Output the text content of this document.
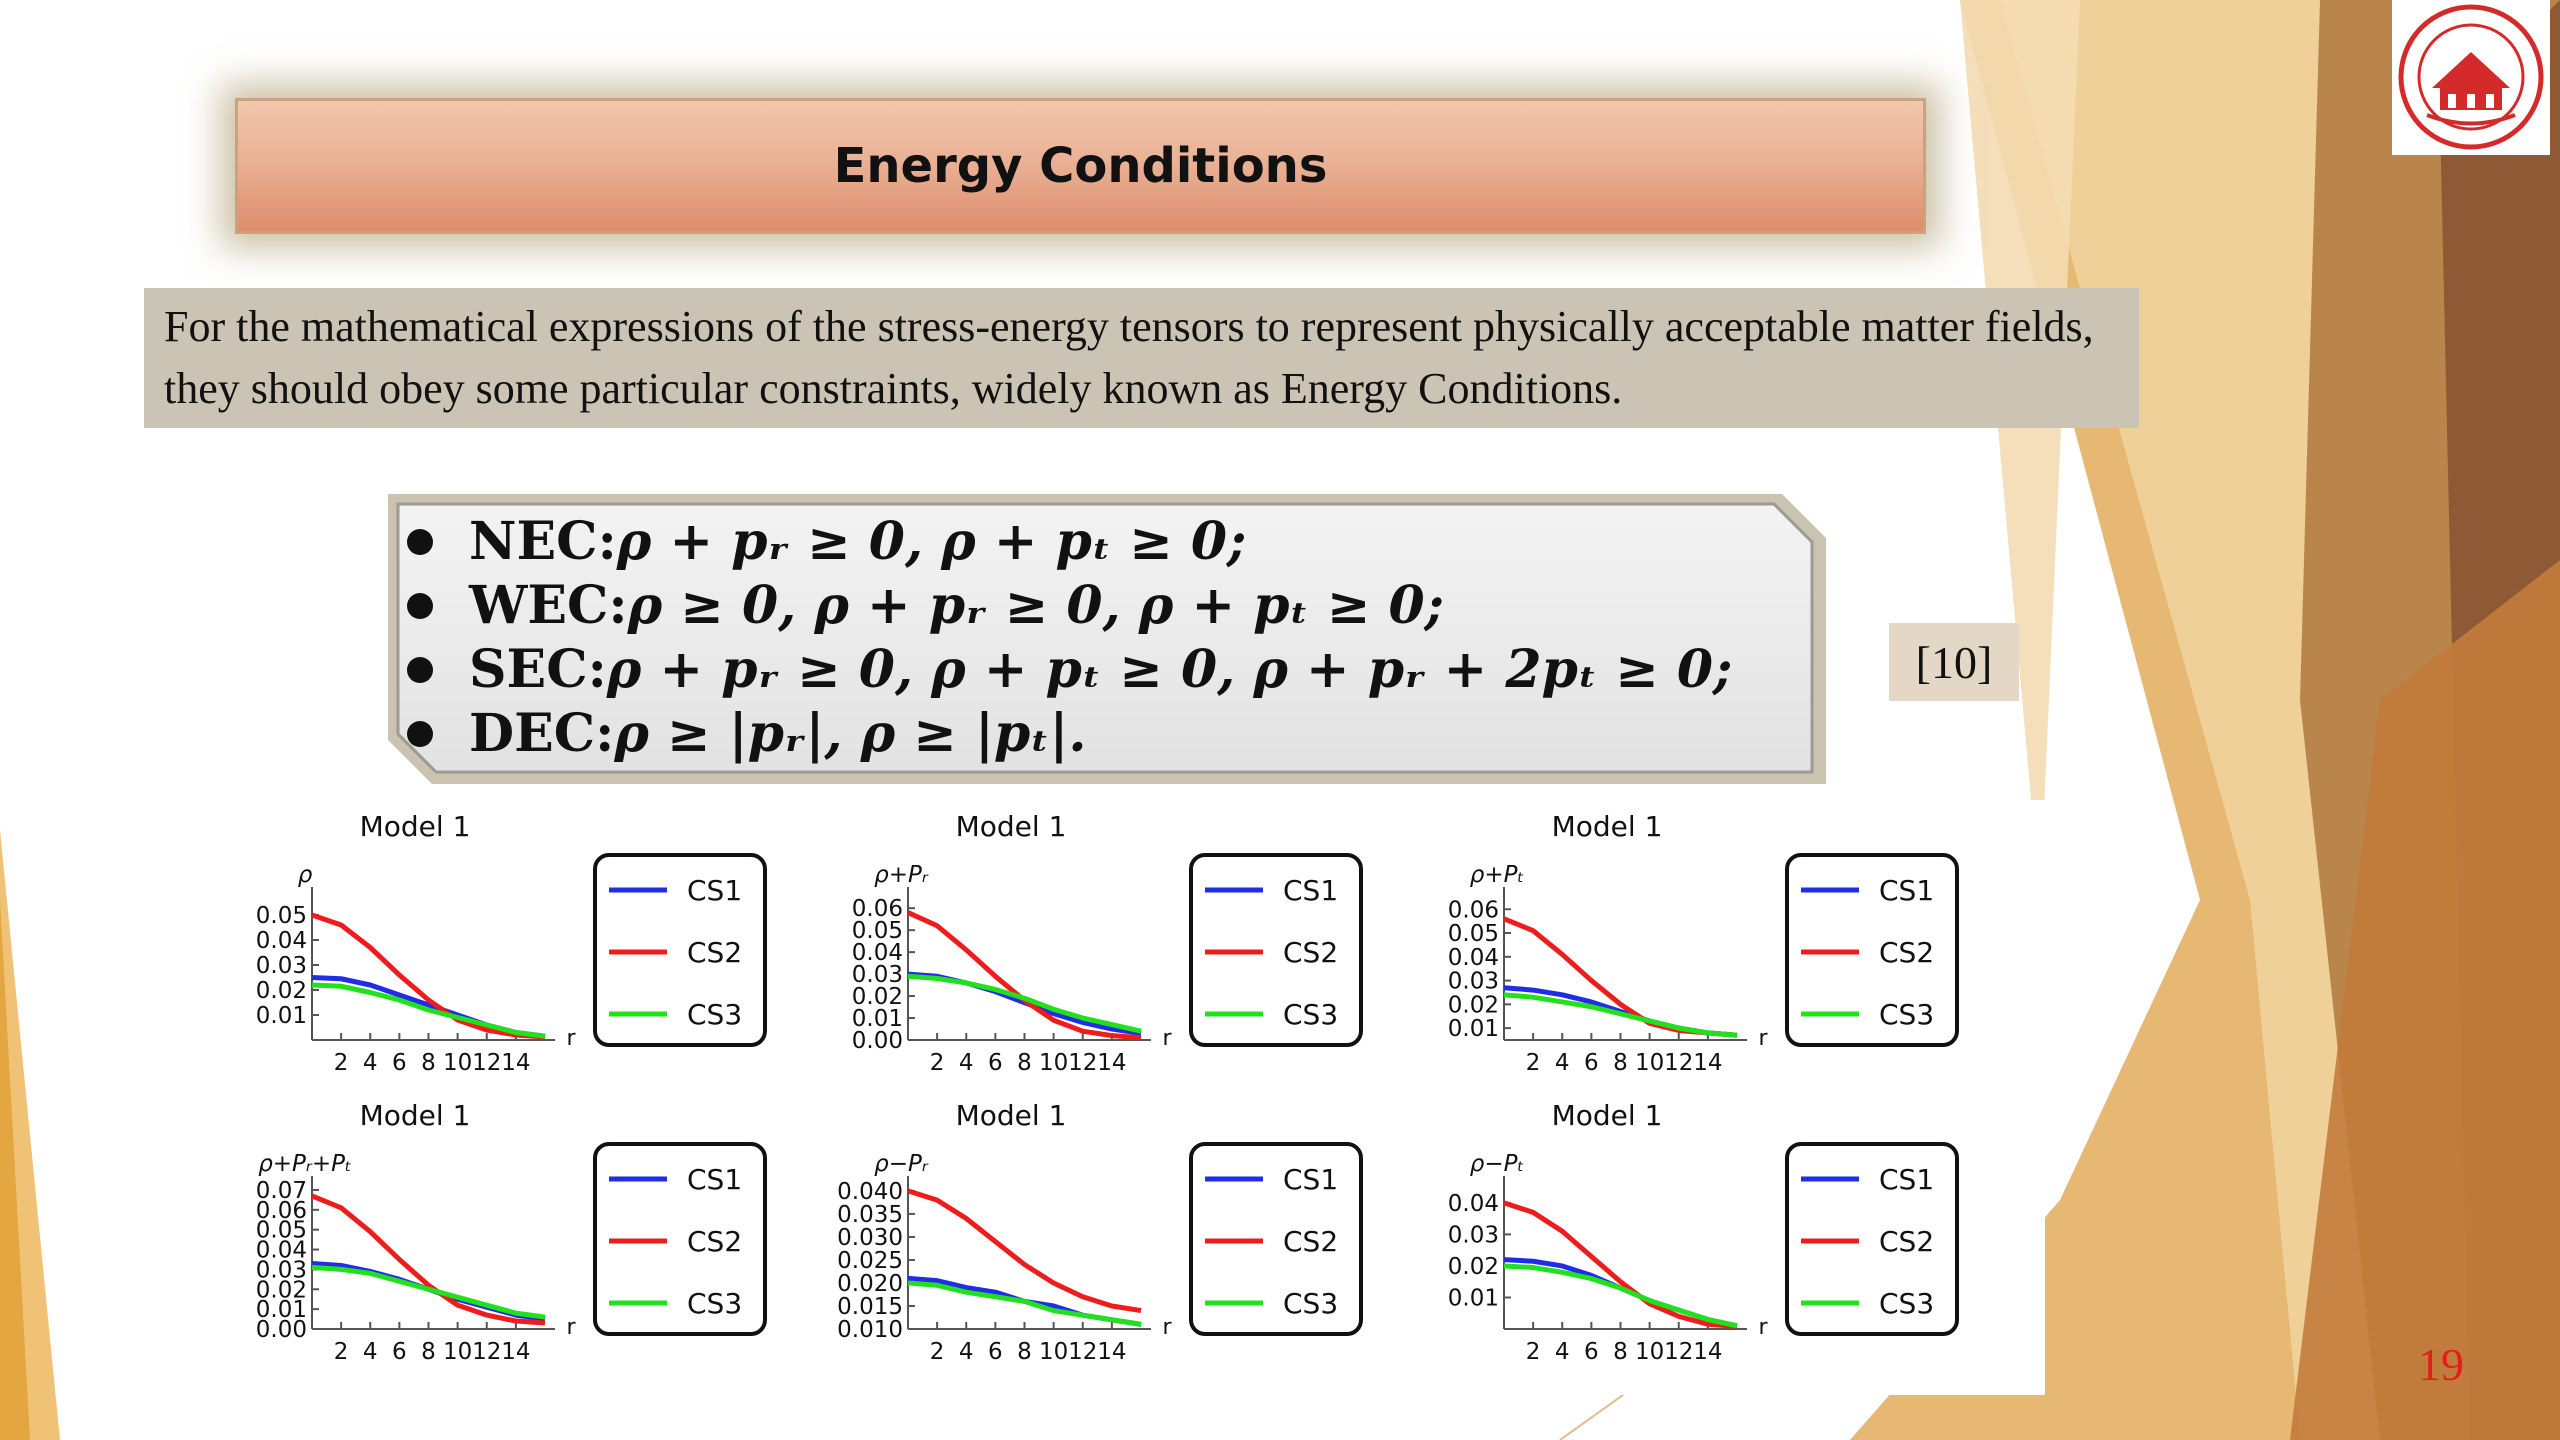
Energy Conditions
For the mathematical expressions of the stress-energy tensors to represent physically acceptable matter fields, they should obey some particular constraints, widely known as Energy Conditions.
NEC : ρ + pᵣ ≥ 0, ρ + pₜ ≥ 0;
WEC : ρ ≥ 0, ρ + pᵣ ≥ 0, ρ + pₜ ≥ 0;
SEC : ρ + pᵣ ≥ 0, ρ + pₜ ≥ 0, ρ + pᵣ + 2pₜ ≥ 0;
DEC : ρ ≥ |pᵣ|, ρ ≥ |pₜ|.
[10]
Model 1
ρ
r
0.01
0.02
0.03
0.04
0.05
2 4 6 8 10 12 14
CS1
CS2
CS3
Model 1
ρ+Pᵣ
r
0.00
0.01
0.02
0.03
0.04
0.05
0.06
2 4 6 8 10 12 14
CS1
CS2
CS3
Model 1
ρ+Pₜ
r
0.01
0.02
0.03
0.04
0.05
0.06
2 4 6 8 10 12 14
CS1
CS2
CS3
Model 1
ρ+Pᵣ+Pₜ
r
0.00
0.01
0.02
0.03
0.04
0.05
0.06
0.07
2 4 6 8 10 12 14
CS1
CS2
CS3
Model 1
ρ−Pᵣ
r
0.010
0.015
0.020
0.025
0.030
0.035
0.040
2 4 6 8 10 12 14
CS1
CS2
CS3
Model 1
ρ−Pₜ
r
0.01
0.02
0.03
0.04
2 4 6 8 10 12 14
CS1
CS2
CS3
19
